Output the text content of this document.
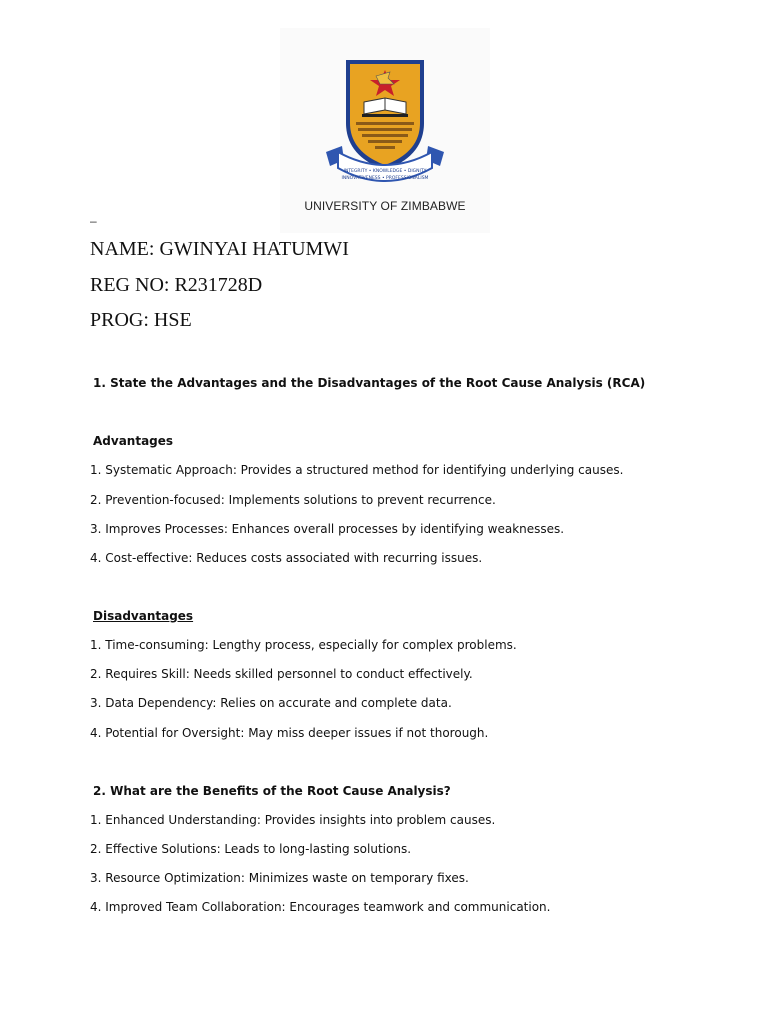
INTEGRITY • KNOWLEDGE • DIGNITY
INNOVATIVENESS • PROFESSIONALISM
UNIVERSITY OF ZIMBABWE
–
NAME: GWINYAI HATUMWI
REG NO: R231728D
PROG: HSE
1. State the Advantages and the Disadvantages of the Root Cause Analysis (RCA)
Advantages
1. Systematic Approach: Provides a structured method for identifying underlying causes.
2. Prevention-focused: Implements solutions to prevent recurrence.
3. Improves Processes: Enhances overall processes by identifying weaknesses.
4. Cost-effective: Reduces costs associated with recurring issues.
Disadvantages
1. Time-consuming: Lengthy process, especially for complex problems.
2. Requires Skill: Needs skilled personnel to conduct effectively.
3. Data Dependency: Relies on accurate and complete data.
4. Potential for Oversight: May miss deeper issues if not thorough.
2. What are the Benefits of the Root Cause Analysis?
1. Enhanced Understanding: Provides insights into problem causes.
2. Effective Solutions: Leads to long-lasting solutions.
3. Resource Optimization: Minimizes waste on temporary fixes.
4. Improved Team Collaboration: Encourages teamwork and communication.
